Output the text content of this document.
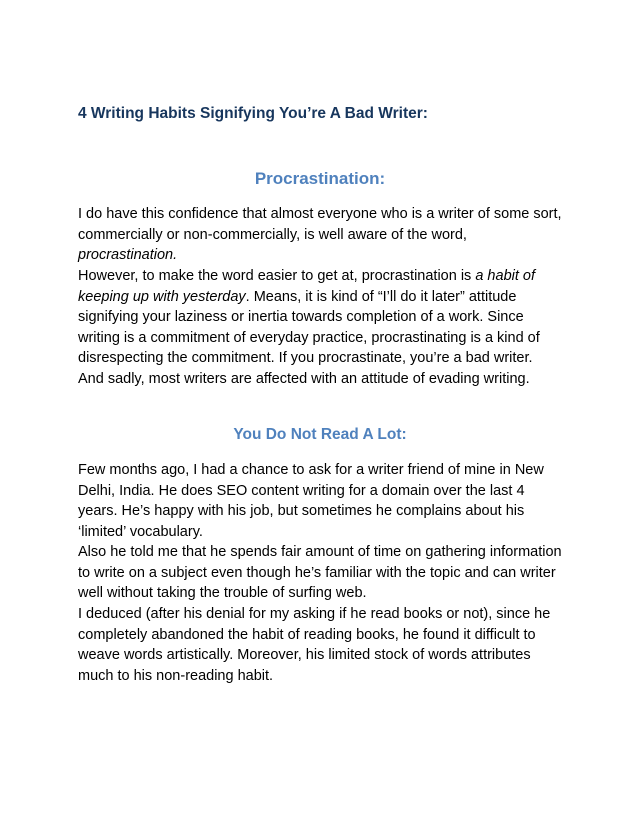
4 Writing Habits Signifying You’re A Bad Writer:
Procrastination:

I do have this confidence that almost everyone who is a writer of some sort,
commercially or non-commercially, is well aware of the word,
procrastination.

However, to make the word easier to get at, procrastination is a habit of
keeping up with yesterday. Means, it is kind of “I’ll do it later” attitude
signifying your laziness or inertia towards completion of a work. Since
writing is a commitment of everyday practice, procrastinating is a kind of
disrespecting the commitment. If you procrastinate, you’re a bad writer.
And sadly, most writers are affected with an attitude of evading writing.

You Do Not Read A Lot:

Few months ago, I had a chance to ask for a writer friend of mine in New
Delhi, India. He does SEO content writing for a domain over the last 4
years. He’s happy with his job, but sometimes he complains about his
‘limited’ vocabulary.

Also he told me that he spends fair amount of time on gathering information
to write on a subject even though he’s familiar with the topic and can writer
well without taking the trouble of surfing web.

I deduced (after his denial for my asking if he read books or not), since he
completely abandoned the habit of reading books, he found it difficult to
weave words artistically. Moreover, his limited stock of words attributes
much to his non-reading habit.
